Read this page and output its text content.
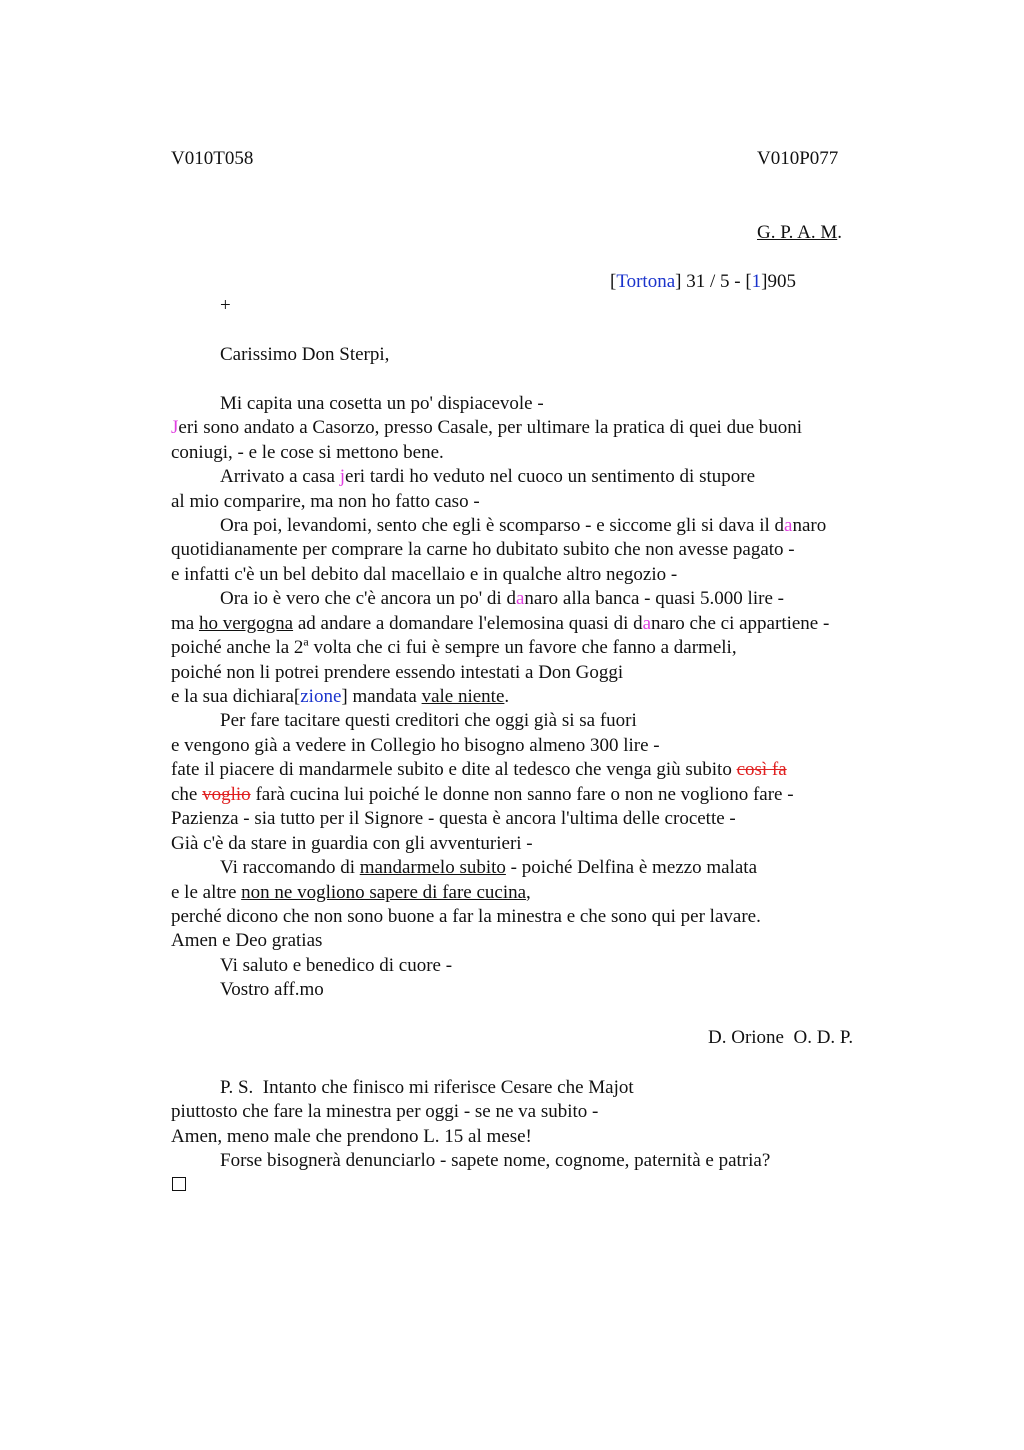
V010T058	V010P077
G. P. A. M.
[Tortona] 31 / 5 - [1]905
+
Carissimo Don Sterpi,
Mi capita una cosetta un po' dispiacevole -
Jeri sono andato a Casorzo, presso Casale, per ultimare la pratica di quei due buoni
coniugi, - e le cose si mettono bene.
Arrivato a casa jeri tardi ho veduto nel cuoco un sentimento di stupore
al mio comparire, ma non ho fatto caso -
Ora poi, levandomi, sento che egli è scomparso - e siccome gli si dava il danaro
quotidianamente per comprare la carne ho dubitato subito che non avesse pagato -
e infatti c'è un bel debito dal macellaio e in qualche altro negozio -
Ora io è vero che c'è ancora un po' di danaro alla banca - quasi 5.000 lire -
ma ho vergogna ad andare a domandare l'elemosina quasi di danaro che ci appartiene -
poiché anche la 2$^a$ volta che ci fui è sempre un favore che fanno a darmeli,
poiché non li potrei prendere essendo intestati a Don Goggi
e la sua dichiara[zione] mandata vale niente.
Per fare tacitare questi creditori che oggi già si sa fuori
e vengono già a vedere in Collegio ho bisogno almeno 300 lire -
fate il piacere di mandarmele subito e dite al tedesco che venga giù subito così fa
che voglio farà cucina lui poiché le donne non sanno fare o non ne vogliono fare -
Pazienza - sia tutto per il Signore - questa è ancora l'ultima delle crocette -
Già c'è da stare in guardia con gli avventurieri -
Vi raccomando di mandarmelo subito - poiché Delfina è mezzo malata
e le altre non ne vogliono sapere di fare cucina,
perché dicono che non sono buone a far la minestra e che sono qui per lavare.
Amen e Deo gratias
Vi saluto e benedico di cuore -
Vostro aff.mo
D. Orione  O. D. P.
P. S.  Intanto che finisco mi riferisce Cesare che Majot
piuttosto che fare la minestra per oggi - se ne va subito -
Amen, meno male che prendono L. 15 al mese!
Forse bisognerà denunciarlo - sapete nome, cognome, paternità e patria?
